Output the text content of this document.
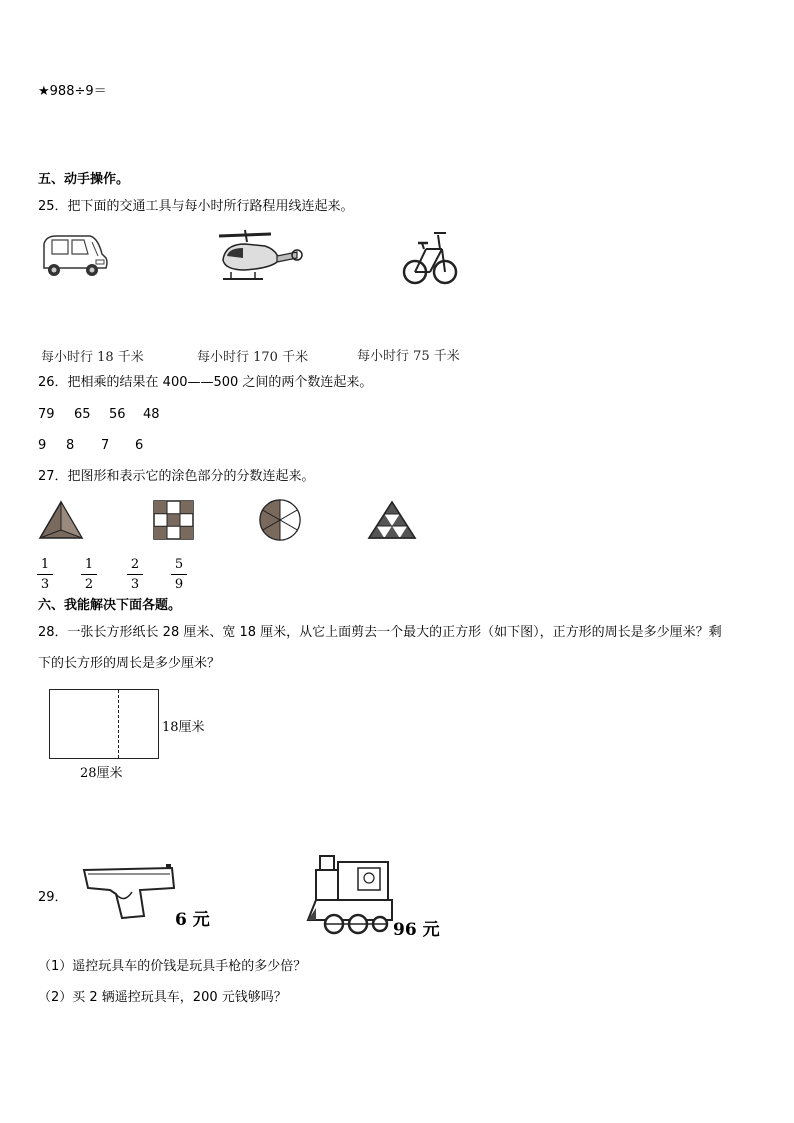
★988÷9＝
五、动手操作。
25．把下面的交通工具与每小时所行路程用线连起来。
每小时行 18 千米	每小时行 170 千米	每小时行 75 千米
26．把相乘的结果在 400——500 之间的两个数连起来。
79 65 56 48
9 8 7 6
27．把图形和表示它的涂色部分的分数连起来。
1
3
1
2
2
3
5
9
六、我能解决下面各题。
28．一张长方形纸长 28 厘米、宽 18 厘米，从它上面剪去一个最大的正方形（如下图），正方形的周长是多少厘米？剩
下的长方形的周长是多少厘米？
18厘米
28厘米
29．
6 元	96 元
（1）遥控玩具车的价钱是玩具手枪的多少倍？
（2）买 2 辆遥控玩具车，200 元钱够吗？
